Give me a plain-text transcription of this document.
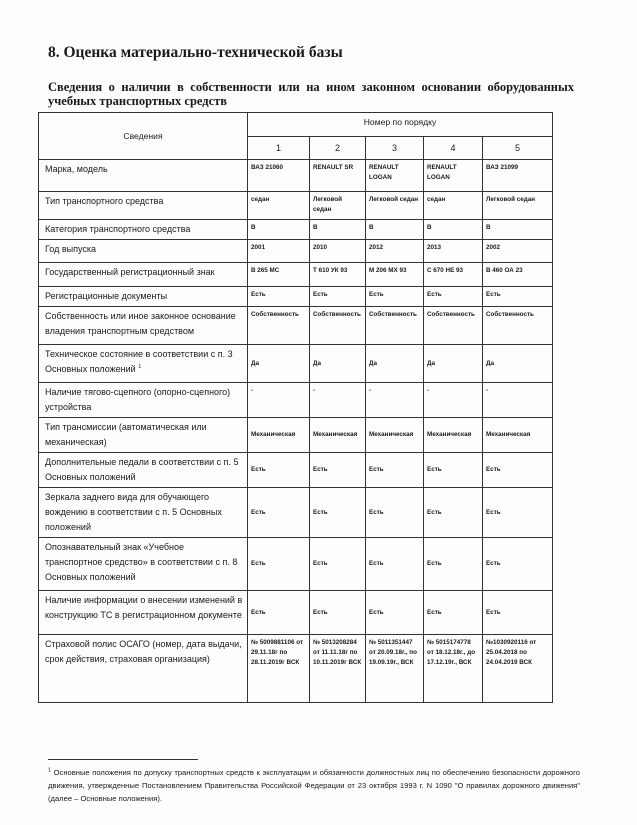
8. Оценка материально-технической базы
Сведения о наличии в собственности или на ином законном основании оборудованных учебных транспортных средств
Сведения	Номер по порядку				
	1	2	3	4	5
Марка, модель	ВАЗ 21060	RENAULT SR	RENAULT LOGAN	RENAULT LOGAN	ВАЗ 21099
Тип транспортного средства	седан	Легковой седан	Легковой седан	седан	Легковой седан
Категория транспортного средства	В	В	В	В	В
Год выпуска	2001	2010	2012	2013	2002
Государственный регистрационный знак	В 265 МС	Т 610 УК 93	М 206 МХ 93	С 670 НЕ 93	В 460 ОА 23
Регистрационные документы	Есть	Есть	Есть	Есть	Есть
Собственность или иное законное основание владения транспортным средством	Собственность	Собственность	Собственность	Собственность	Собственность
Техническое состояние в соответствии с п. 3 Основных положений $^1$	Да	Да	Да	Да	Да
Наличие тягово-сцепного (опорно-сцепного) устройства	-	-	-	-	-
Тип трансмиссии (автоматическая или механическая)	Механическая	Механическая	Механическая	Механическая	Механическая
Дополнительные педали в соответствии с п. 5 Основных положений	Есть	Есть	Есть	Есть	Есть
Зеркала заднего вида для обучающего вождению в соответствии с п. 5 Основных положений	Есть	Есть	Есть	Есть	Есть
Опознавательный знак «Учебное транспортное средство» в соответствии с п. 8 Основных положений	Есть	Есть	Есть	Есть	Есть
Наличие информации о внесении изменений в конструкцию ТС в регистрационном документе	Есть	Есть	Есть	Есть	Есть
Страховой полис ОСАГО (номер, дата выдачи, срок действия, страховая организация)	№ 5009881106 от 29.11.18г по 28.11.2019г ВСК	№ 5013208284 от 11.11.18г по 10.11.2019г ВСК	№ 5011351447 от 20.09.18г., по 19.09.19г., ВСК	№ 5015174778 от 18.12.18г., до 17.12.19г., ВСК	№1030920116 от 25.04.2018 по 24.04.2019 ВСК

$^1$ Основные положения по допуску транспортных средств к эксплуатации и обязанности должностных лиц по обеспечению безопасности дорожного движения, утвержденные Постановлением Правительства Российской Федерации от 23 октября 1993 г. N 1090 "О правилах дорожного движения" (далее – Основные положения).
